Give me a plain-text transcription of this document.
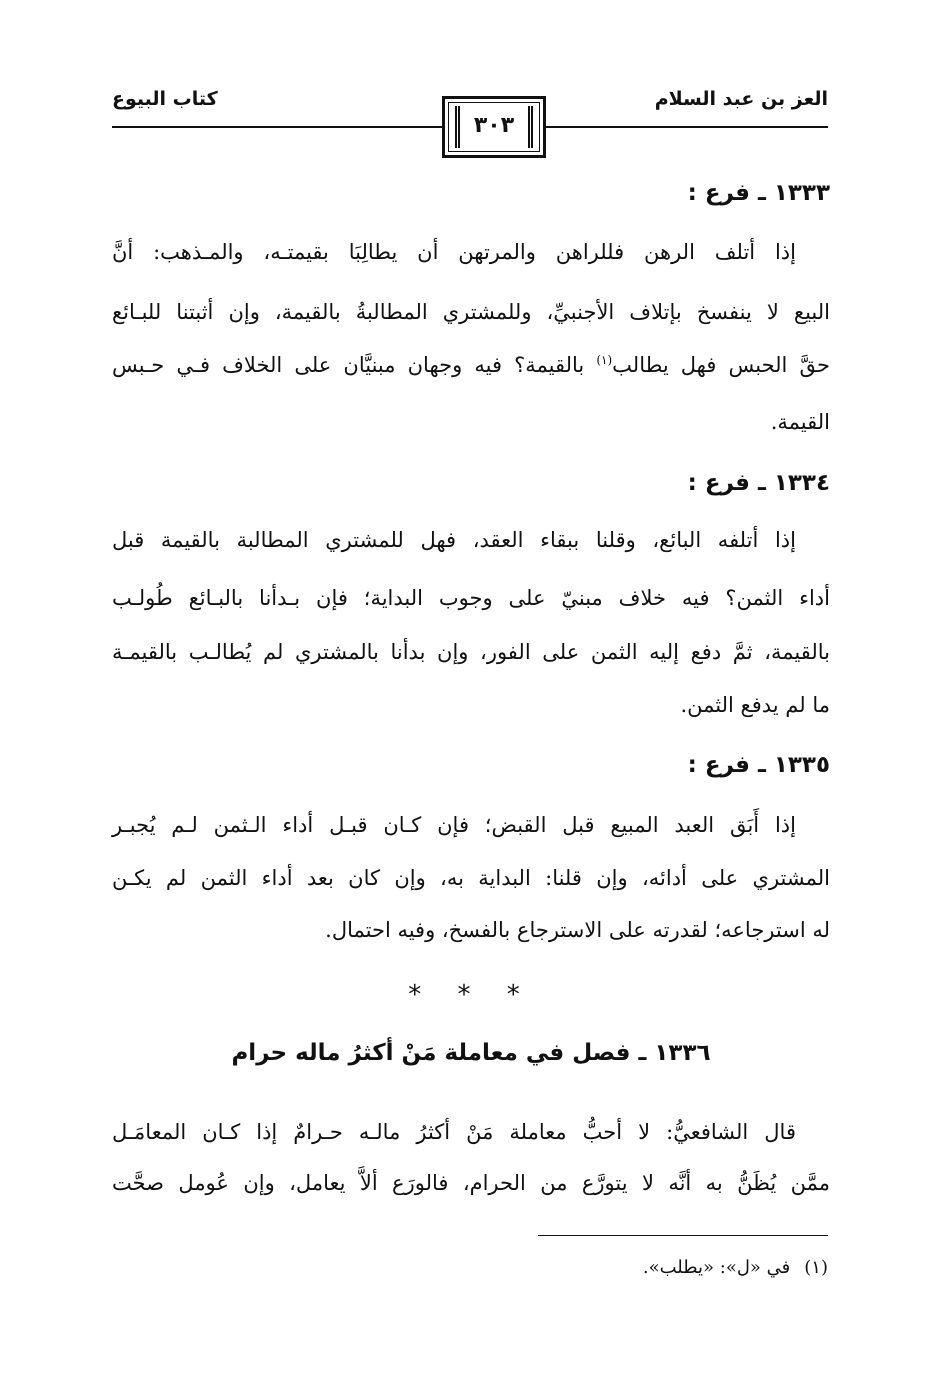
العز بن عبد السلام
كتاب البيوع
٣٠٣
١٣٣٣ ـ فرع :
إذا أتلف الرهن فللراهن والمرتهن أن يطالِبَا بقيمتـه، والمـذهب: أنَّ
البيع لا ينفسخ بإتلاف الأجنبيِّ، وللمشتري المطالبةُ بالقيمة، وإن أثبتنا للبـائع
حقَّ الحبس فهل يطالب$^{(١)}$ بالقيمة؟ فيه وجهان مبنيَّان على الخلاف فـي حـبس
القيمة.
١٣٣٤ ـ فرع :
إذا أتلفه البائع، وقلنا ببقاء العقد، فهل للمشتري المطالبة بالقيمة قبل
أداء الثمن؟ فيه خلاف مبنيّ على وجوب البداية؛ فإن بـدأنا بالبـائع طُولـب
بالقيمة، ثمَّ دفع إليه الثمن على الفور، وإن بدأنا بالمشتري لم يُطالـب بالقيمـة
ما لم يدفع الثمن.
١٣٣٥ ـ فرع :
إذا أَبَق العبد المبيع قبل القبض؛ فإن كـان قبـل أداء الـثمن لـم يُجبـر
المشتري على أدائه، وإن قلنا: البداية به، وإن كان بعد أداء الثمن لم يكـن
له استرجاعه؛ لقدرته على الاسترجاع بالفسخ، وفيه احتمال.
* * *
١٣٣٦ ـ فصل في معاملة مَنْ أكثرُ ماله حرام
قال الشافعيُّ: لا أحبُّ معاملة مَنْ أكثرُ مالـه حـرامٌ إذا كـان المعامَـل
ممَّن يُظَنُّ به أنَّه لا يتورَّع من الحرام، فالورَع ألاَّ يعامل، وإن عُومل صحَّت
(١)في «ل»: «يطلب».
